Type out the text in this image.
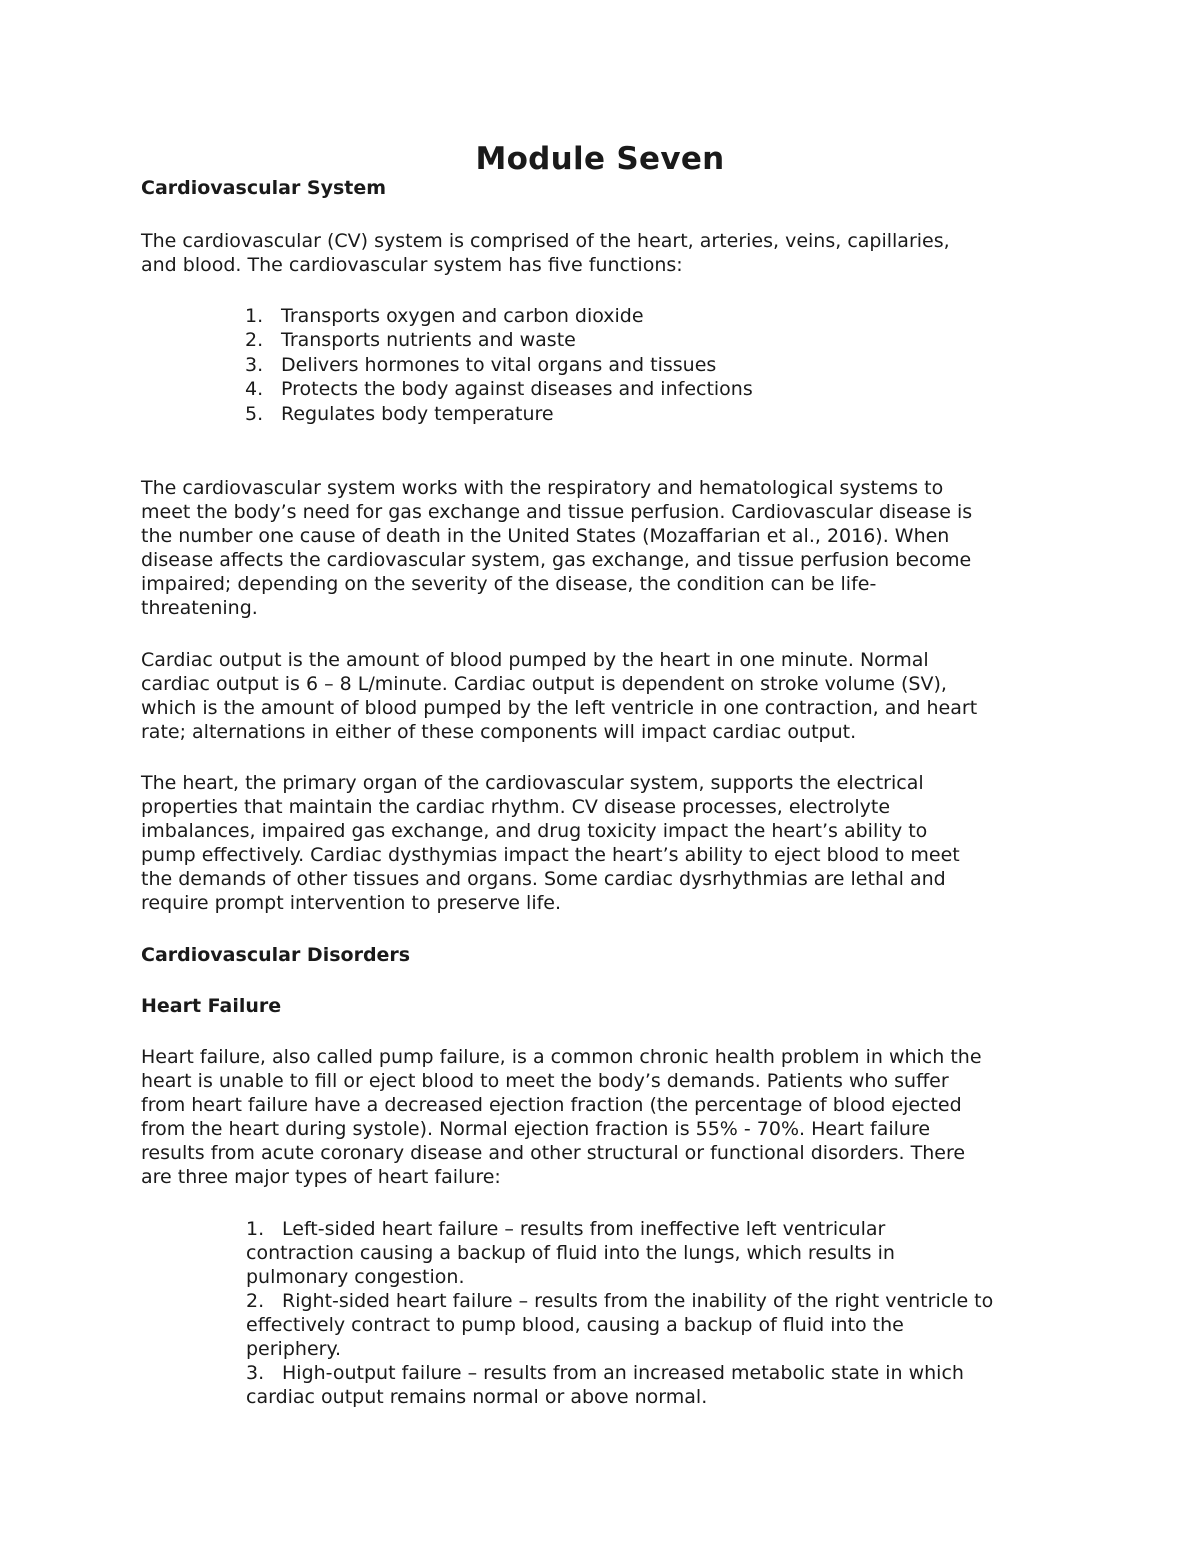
Module Seven
Cardiovascular System

The cardiovascular (CV) system is comprised of the heart, arteries, veins, capillaries,
and blood. The cardiovascular system has five functions:

1. Transports oxygen and carbon dioxide
2. Transports nutrients and waste
3. Delivers hormones to vital organs and tissues
4. Protects the body against diseases and infections
5. Regulates body temperature

The cardiovascular system works with the respiratory and hematological systems to
meet the body’s need for gas exchange and tissue perfusion. Cardiovascular disease is
the number one cause of death in the United States (Mozaffarian et al., 2016). When
disease affects the cardiovascular system, gas exchange, and tissue perfusion become
impaired; depending on the severity of the disease, the condition can be life-
threatening.

Cardiac output is the amount of blood pumped by the heart in one minute. Normal
cardiac output is 6 – 8 L/minute. Cardiac output is dependent on stroke volume (SV),
which is the amount of blood pumped by the left ventricle in one contraction, and heart
rate; alternations in either of these components will impact cardiac output.

The heart, the primary organ of the cardiovascular system, supports the electrical
properties that maintain the cardiac rhythm. CV disease processes, electrolyte
imbalances, impaired gas exchange, and drug toxicity impact the heart’s ability to
pump effectively. Cardiac dysthymias impact the heart’s ability to eject blood to meet
the demands of other tissues and organs. Some cardiac dysrhythmias are lethal and
require prompt intervention to preserve life.

Cardiovascular Disorders
Heart Failure

Heart failure, also called pump failure, is a common chronic health problem in which the
heart is unable to fill or eject blood to meet the body’s demands. Patients who suffer
from heart failure have a decreased ejection fraction (the percentage of blood ejected
from the heart during systole). Normal ejection fraction is 55% - 70%. Heart failure
results from acute coronary disease and other structural or functional disorders. There
are three major types of heart failure:

1. Left-sided heart failure – results from ineffective left ventricular
contraction causing a backup of fluid into the lungs, which results in
pulmonary congestion.
2. Right-sided heart failure – results from the inability of the right ventricle to
effectively contract to pump blood, causing a backup of fluid into the
periphery.
3. High-output failure – results from an increased metabolic state in which
cardiac output remains normal or above normal.
